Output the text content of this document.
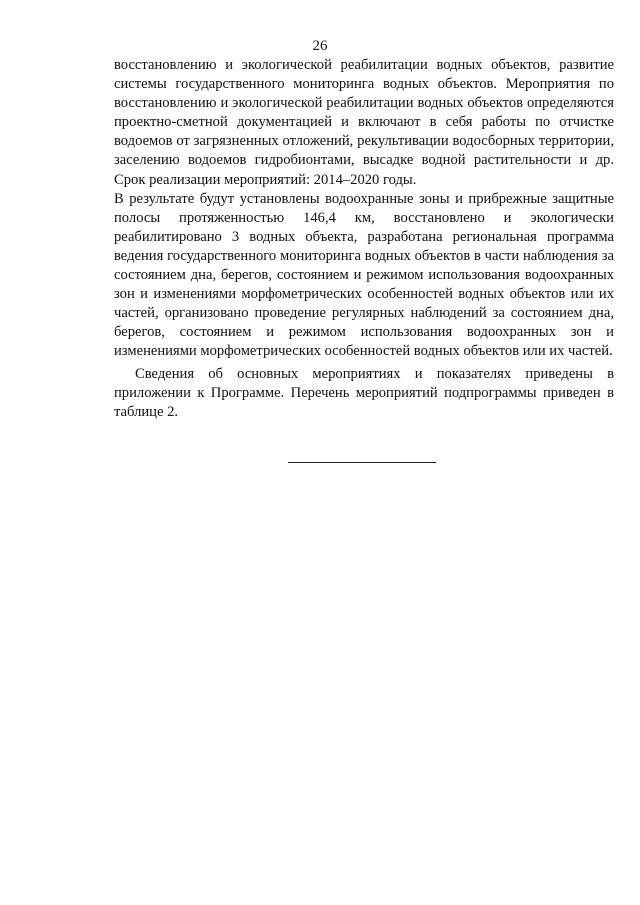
26

восстановлению и экологической реабилитации водных объектов, развитие системы государственного мониторинга водных объектов. Мероприятия по восстановлению и экологической реабилитации водных объектов определяются проектно-сметной документацией и включают в себя работы по отчистке водоемов от загрязненных отложений, рекультивации водосборных территории, заселению водоемов гидробионтами, высадке водной растительности и др. Срок реализации мероприятий: 2014–2020 годы.

В результате будут установлены водоохранные зоны и прибрежные защитные полосы протяженностью 146,4 км, восстановлено и экологически реабилитировано 3 водных объекта, разработана региональная программа ведения государственного мониторинга водных объектов в части наблюдения за состоянием дна, берегов, состоянием и режимом использования водоохранных зон и изменениями морфометрических особенностей водных объектов или их частей, организовано проведение регулярных наблюдений за состоянием дна, берегов, состоянием и режимом использования водоохранных зон и изменениями морфометрических особенностей водных объектов или их частей.

Сведения об основных мероприятиях и показателях приведены в приложении к Программе. Перечень мероприятий подпрограммы приведен в таблице 2.
